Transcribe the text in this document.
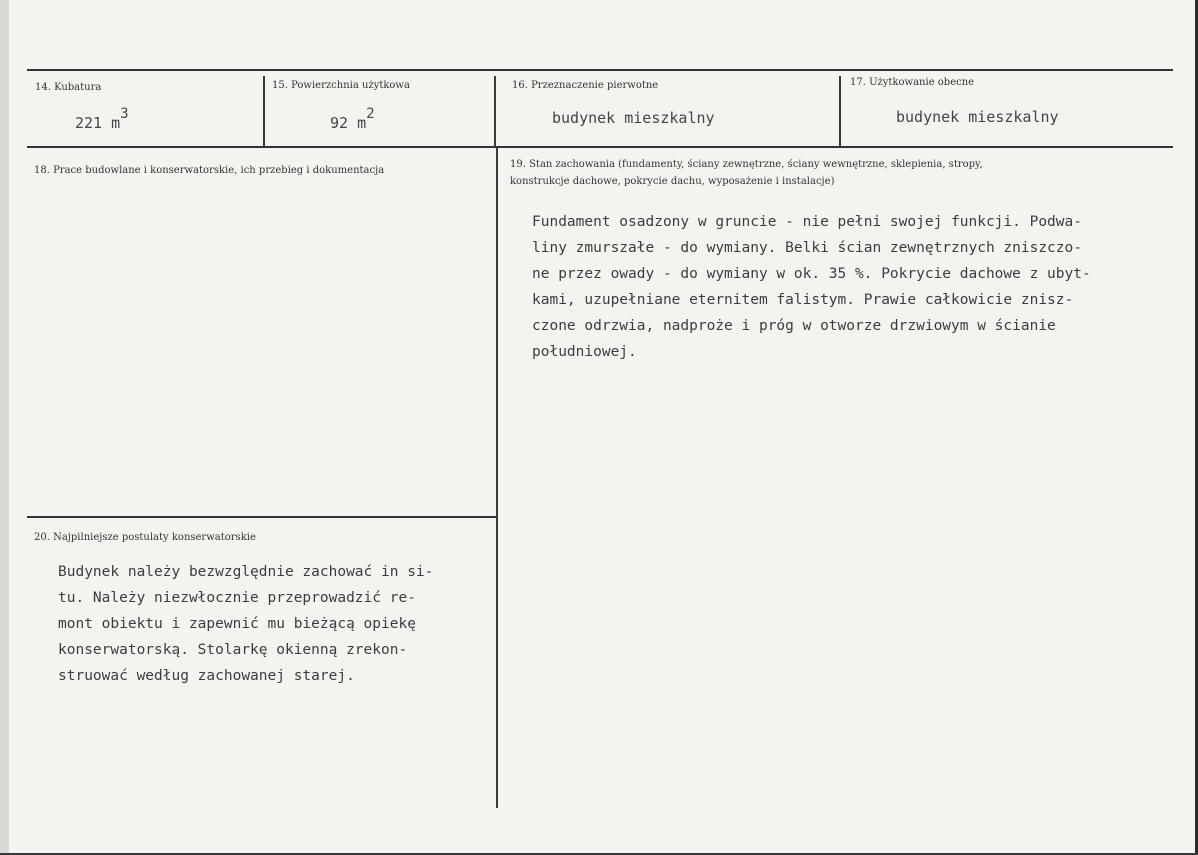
14. Kubatura
221 $m^3$
15. Powierzchnia użytkowa
92 $m^2$
16. Przeznaczenie pierwotne
budynek mieszkalny
17. Użytkowanie obecne
budynek mieszkalny
18. Prace budowlane i konserwatorskie, ich przebieg i dokumentacja
19. Stan zachowania (fundamenty, ściany zewnętrzne, ściany wewnętrzne, sklepienia, stropy,
konstrukcje dachowe, pokrycie dachu, wyposażenie i instalacje)
Fundament osadzony w gruncie - nie pełni swojej funkcji. Podwa-
liny zmurszałe - do wymiany. Belki ścian zewnętrznych zniszczo-
ne przez owady - do wymiany w ok. 35 %. Pokrycie dachowe z ubyt-
kami, uzupełniane eternitem falistym. Prawie całkowicie znisz-
czone odrzwia, nadproże i próg w otworze drzwiowym w ścianie
południowej.
20. Najpilniejsze postulaty konserwatorskie
Budynek należy bezwzględnie zachować in si-
tu. Należy niezwłocznie przeprowadzić re-
mont obiektu i zapewnić mu bieżącą opiekę
konserwatorską. Stolarkę okienną zrekon-
struować według zachowanej starej.
